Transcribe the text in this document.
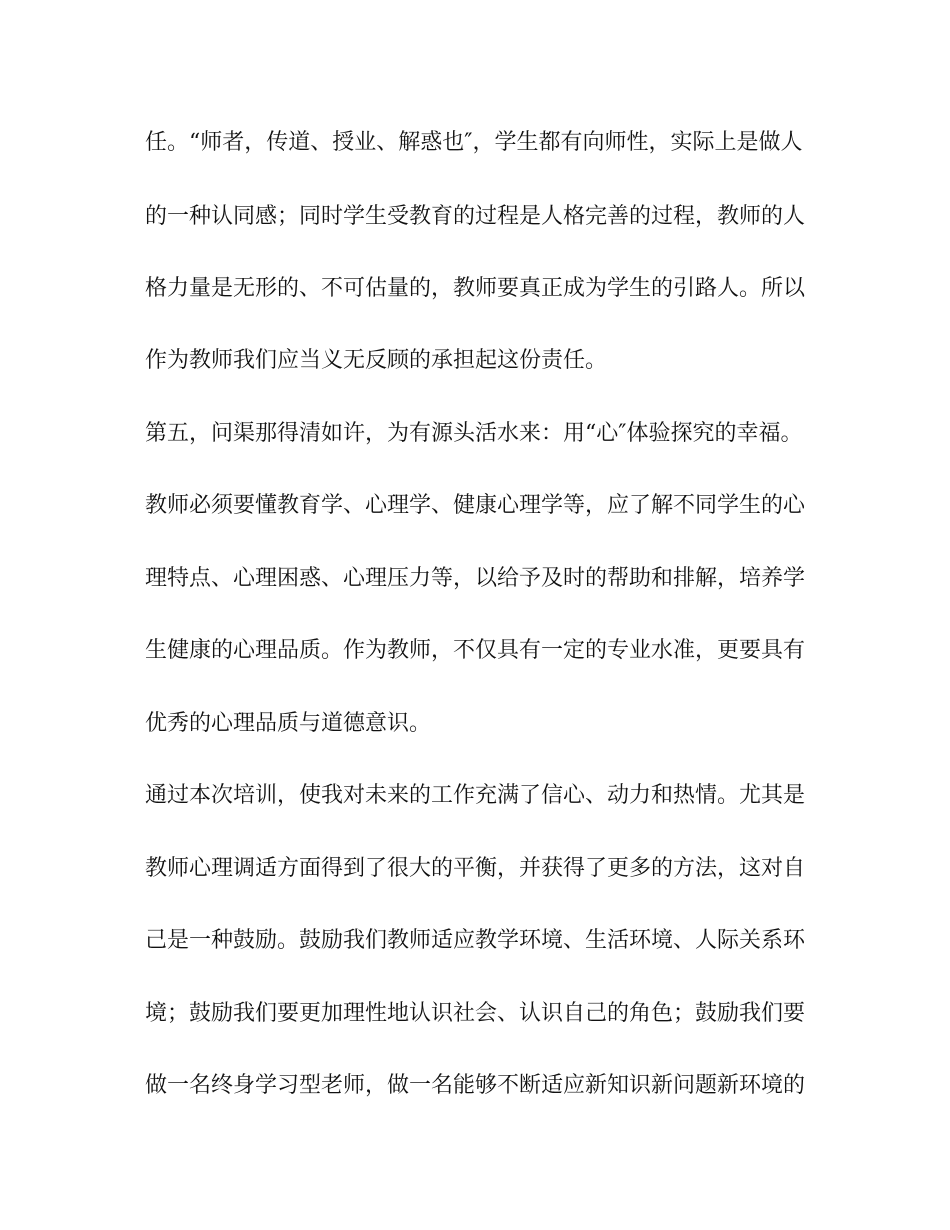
任。“师者，传道、授业、解惑也″，学生都有向师性，实际上是做人
的一种认同感；同时学生受教育的过程是人格完善的过程，教师的人
格力量是无形的、不可估量的，教师要真正成为学生的引路人。所以
作为教师我们应当义无反顾的承担起这份责任。
第五，问渠那得清如许，为有源头活水来：用“心″体验探究的幸福。
教师必须要懂教育学、心理学、健康心理学等，应了解不同学生的心
理特点、心理困惑、心理压力等，以给予及时的帮助和排解，培养学
生健康的心理品质。作为教师，不仅具有一定的专业水准，更要具有
优秀的心理品质与道德意识。
通过本次培训，使我对未来的工作充满了信心、动力和热情。尤其是
教师心理调适方面得到了很大的平衡，并获得了更多的方法，这对自
己是一种鼓励。鼓励我们教师适应教学环境、生活环境、人际关系环
境；鼓励我们要更加理性地认识社会、认识自己的角色；鼓励我们要
做一名终身学习型老师，做一名能够不断适应新知识新问题新环境的
